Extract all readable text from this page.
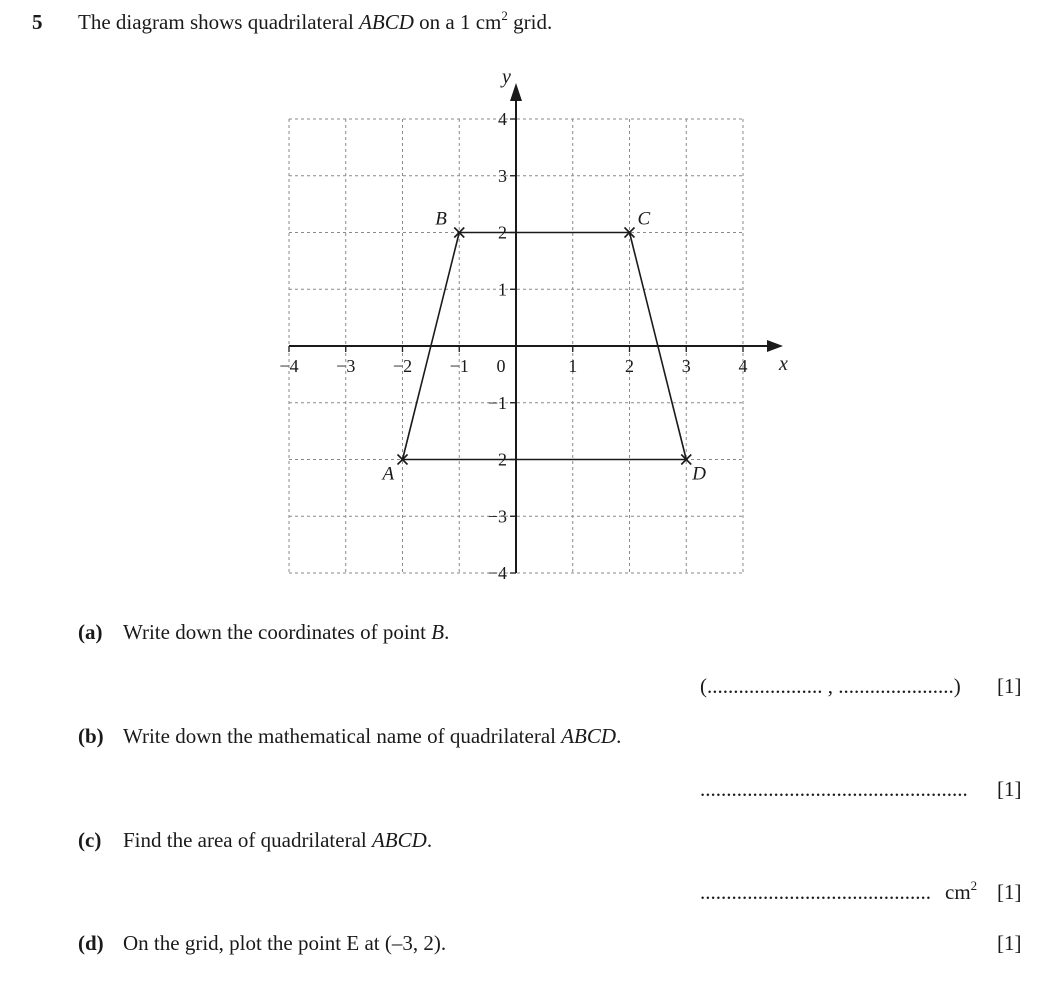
5 The diagram shows quadrilateral ABCD on a 1 $cm^2$ grid.
−4 −3 −2 −1 0	1	2	3	4
4
3
2
1
−1
−2
−3
−4
x
y
A
B	C
D
(a) Write down the coordinates of point B.
(...................... , ......................) [1]
(b) Write down the mathematical name of quadrilateral ABCD.
................................................... [1]
(c) Find the area of quadrilateral ABCD.
............................................ $cm^2$ [1]
(d) On the grid, plot the point E at (–3, 2).	[1]
